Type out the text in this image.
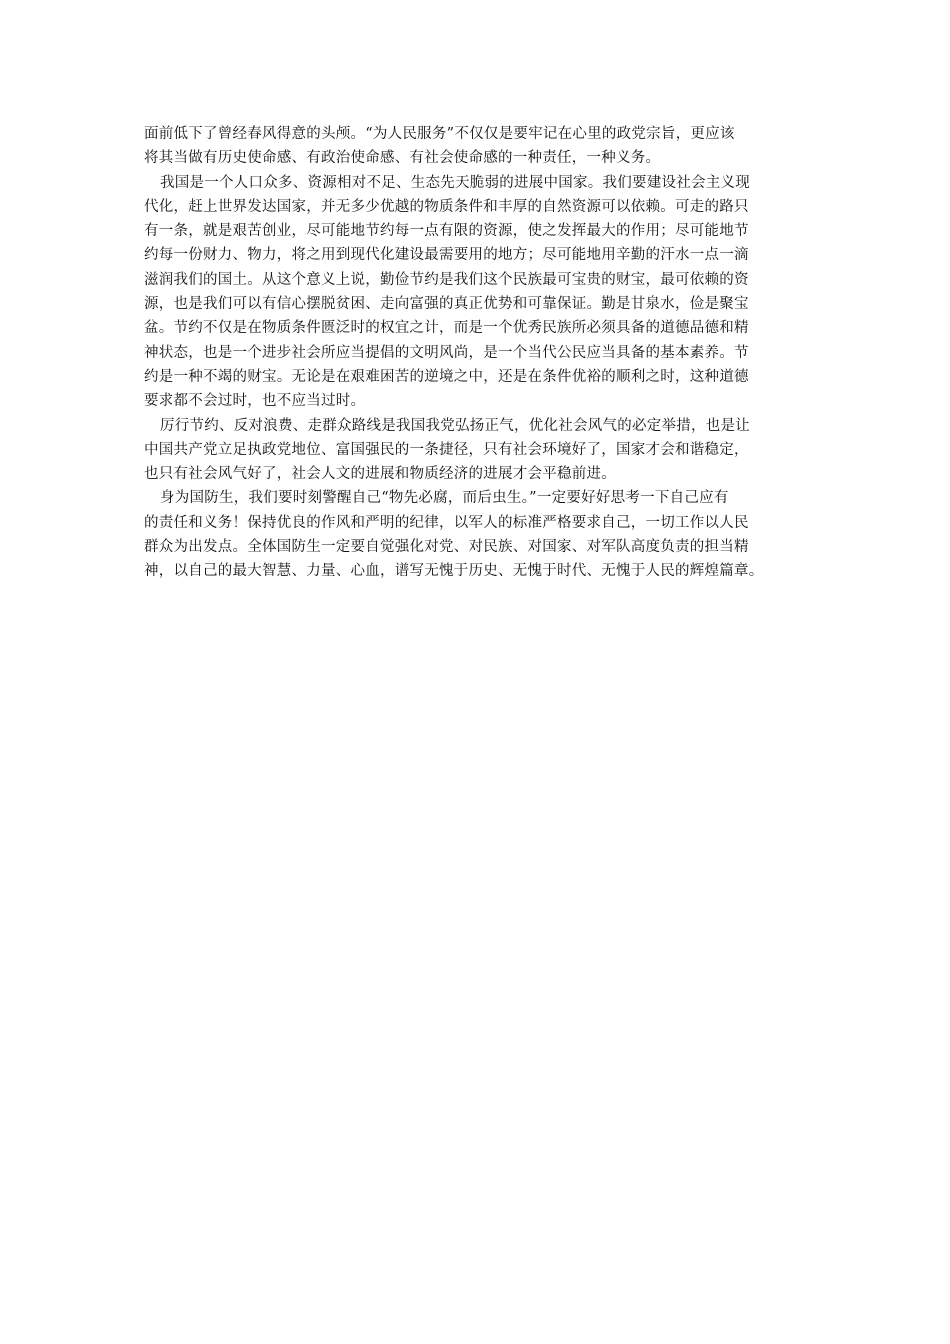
面前低下了曾经春风得意的头颅。“为人民服务”不仅仅是要牢记在心里的政党宗旨，更应该

将其当做有历史使命感、有政治使命感、有社会使命感的一种责任，一种义务。

我国是一个人口众多、资源相对不足、生态先天脆弱的进展中国家。我们要建设社会主义现

代化，赶上世界发达国家，并无多少优越的物质条件和丰厚的自然资源可以依赖。可走的路只

有一条，就是艰苦创业，尽可能地节约每一点有限的资源，使之发挥最大的作用；尽可能地节

约每一份财力、物力，将之用到现代化建设最需要用的地方；尽可能地用辛勤的汗水一点一滴

滋润我们的国土。从这个意义上说，勤俭节约是我们这个民族最可宝贵的财宝，最可依赖的资

源，也是我们可以有信心摆脱贫困、走向富强的真正优势和可靠保证。勤是甘泉水，俭是聚宝

盆。节约不仅是在物质条件匮泛时的权宜之计，而是一个优秀民族所必须具备的道德品德和精

神状态，也是一个进步社会所应当提倡的文明风尚，是一个当代公民应当具备的基本素养。节

约是一种不竭的财宝。无论是在艰难困苦的逆境之中，还是在条件优裕的顺利之时，这种道德

要求都不会过时，也不应当过时。

厉行节约、反对浪费、走群众路线是我国我党弘扬正气，优化社会风气的必定举措，也是让

中国共产党立足执政党地位、富国强民的一条捷径，只有社会环境好了，国家才会和谐稳定，

也只有社会风气好了，社会人文的进展和物质经济的进展才会平稳前进。

身为国防生，我们要时刻警醒自己“物先必腐，而后虫生。”一定要好好思考一下自己应有

的责任和义务！保持优良的作风和严明的纪律，以军人的标准严格要求自己，一切工作以人民

群众为出发点。全体国防生一定要自觉强化对党、对民族、对国家、对军队高度负责的担当精

神，以自己的最大智慧、力量、心血，谱写无愧于历史、无愧于时代、无愧于人民的辉煌篇章。
